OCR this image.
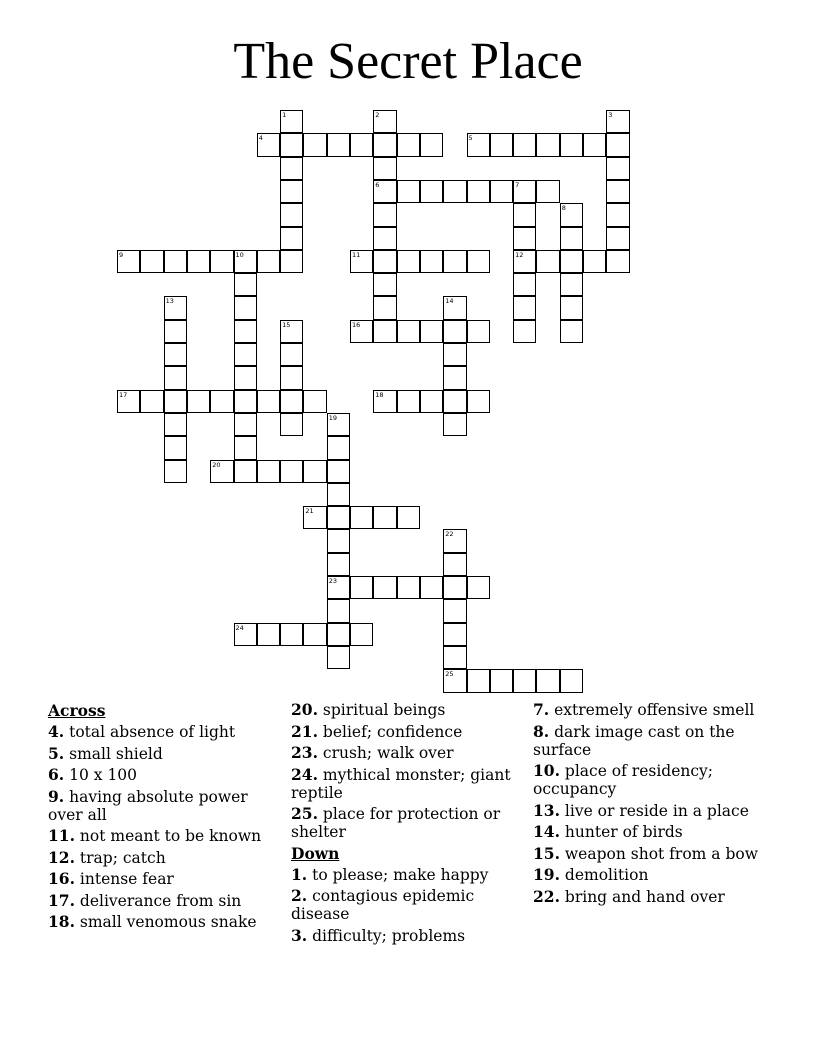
The Secret Place
4	5
6	7
9	10	11	12
16
17	18
20
21
23
24
25
1	2	3
8
13	14
15
19
22
Across
4. total absence of light
5. small shield
6. 10 x 100
9. having absolute power over all
11. not meant to be known
12. trap; catch
16. intense fear
17. deliverance from sin
18. small venomous snake
20. spiritual beings
21. belief; confidence
23. crush; walk over
24. mythical monster; giant reptile
25. place for protection or shelter
Down
1. to please; make happy
2. contagious epidemic disease
3. difficulty; problems
7. extremely offensive smell
8. dark image cast on the surface
10. place of residency; occupancy
13. live or reside in a place
14. hunter of birds
15. weapon shot from a bow
19. demolition
22. bring and hand over
